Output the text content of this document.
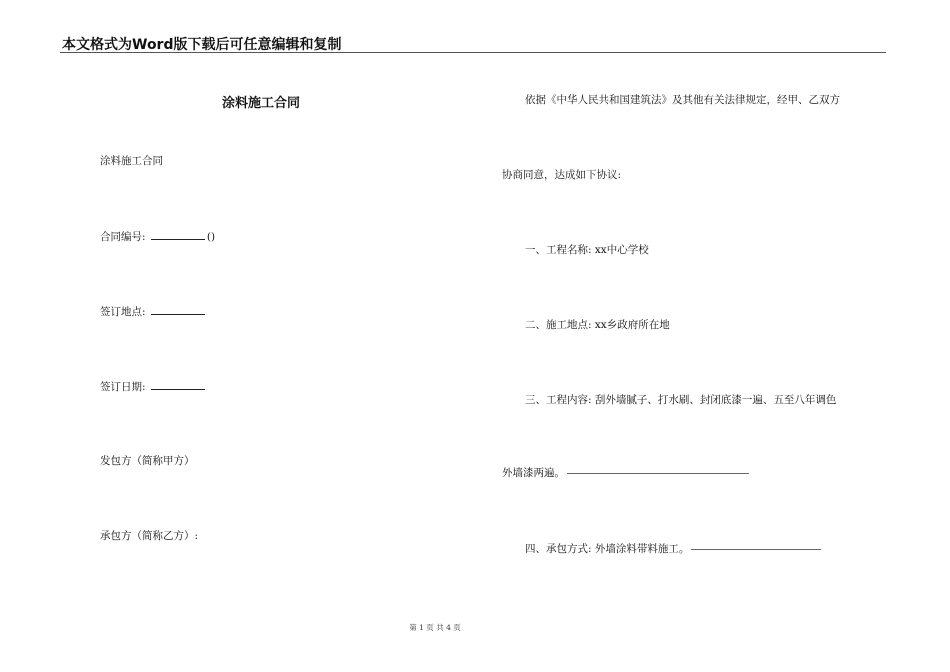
本文格式为Word版下载后可任意编辑和复制
涂料施工合同
涂料施工合同
合同编号:	()
签订地点:
签订日期:
发包方（简称甲方）
承包方（简称乙方）:
依据《中华人民共和国建筑法》及其他有关法律规定，经甲、乙双方
协商同意，达成如下协议:
一、工程名称: xx中心学校
二、施工地点: xx乡政府所在地
三、工程内容: 刮外墙腻子、打水刷、封闭底漆一遍、五至八年调色
外墙漆两遍。
四、承包方式: 外墙涂料带料施工。
第 1 页 共 4 页
